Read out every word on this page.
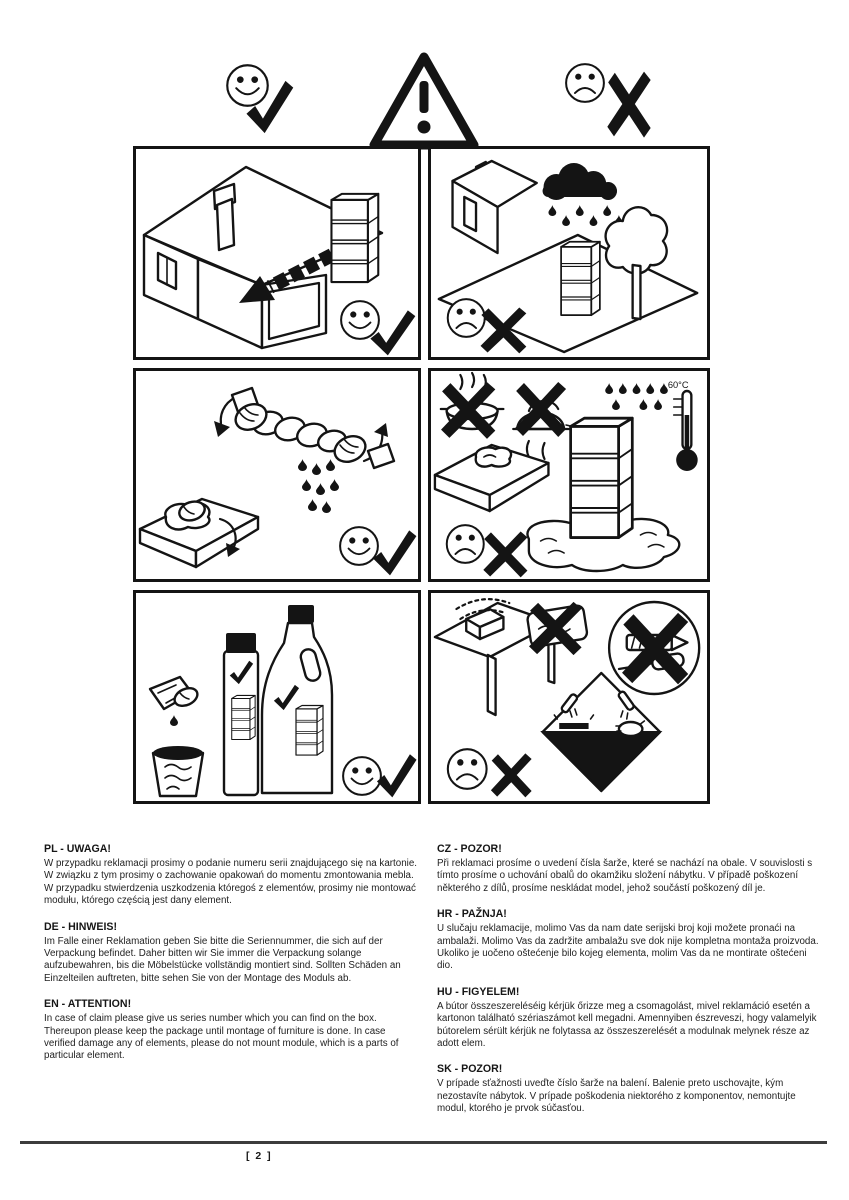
60°C
PL - UWAGA!

W przypadku reklamacji prosimy o podanie numeru serii znajdującego się na kartonie. W związku z tym prosimy o zachowanie opakowań do momentu zmontowania mebla. W przypadku stwierdzenia uszkodzenia któregoś z elementów, prosimy nie montować modułu, którego częścią jest dany element.

DE - HINWEIS!

Im Falle einer Reklamation geben Sie bitte die Seriennummer, die sich auf der Verpackung befindet. Daher bitten wir Sie immer die Verpackung solange aufzubewahren, bis die Möbelstücke vollständig montiert sind. Sollten Schäden an Einzelteilen auftreten, bitte sehen Sie von der Montage des Moduls ab.

EN - ATTENTION!

In case of claim please give us series number which you can find on the box. Thereupon please keep the package until montage of furniture is done. In case verified damage any of elements, please do not mount module, which is a parts of particular element.

CZ - POZOR!

Při reklamaci prosíme o uvedení čísla šarže, které se nachází na obale. V souvislosti s tímto prosíme o uchování obalů do okamžiku složení nábytku. V případě poškození některého z dílů, prosíme neskládat model, jehož součástí poškozený díl je.

HR - PAŽNJA!

U slučaju reklamacije, molimo Vas da nam date serijski broj koji možete pronaći na ambalaži. Molimo Vas da zadržite ambalažu sve dok nije kompletna montaža proizvoda. Ukoliko je uočeno oštećenje bilo kojeg elementa, molim Vas da ne montirate oštećeni dio.

HU - FIGYELEM!

A bútor összeszereléséig kérjük őrizze meg a csomagolást, mivel reklamáció esetén a kartonon található szériaszámot kell megadni. Amennyiben észreveszi, hogy valamelyik bútorelem sérült kérjük ne folytassa az összeszerelését a modulnak melynek része az adott elem.

SK - POZOR!

V prípade sťažnosti uveďte číslo šarže na balení. Balenie preto uschovajte, kým nezostavíte nábytok. V prípade poškodenia niektorého z komponentov, nemontujte modul, ktorého je prvok súčasťou.

[ 2 ]
